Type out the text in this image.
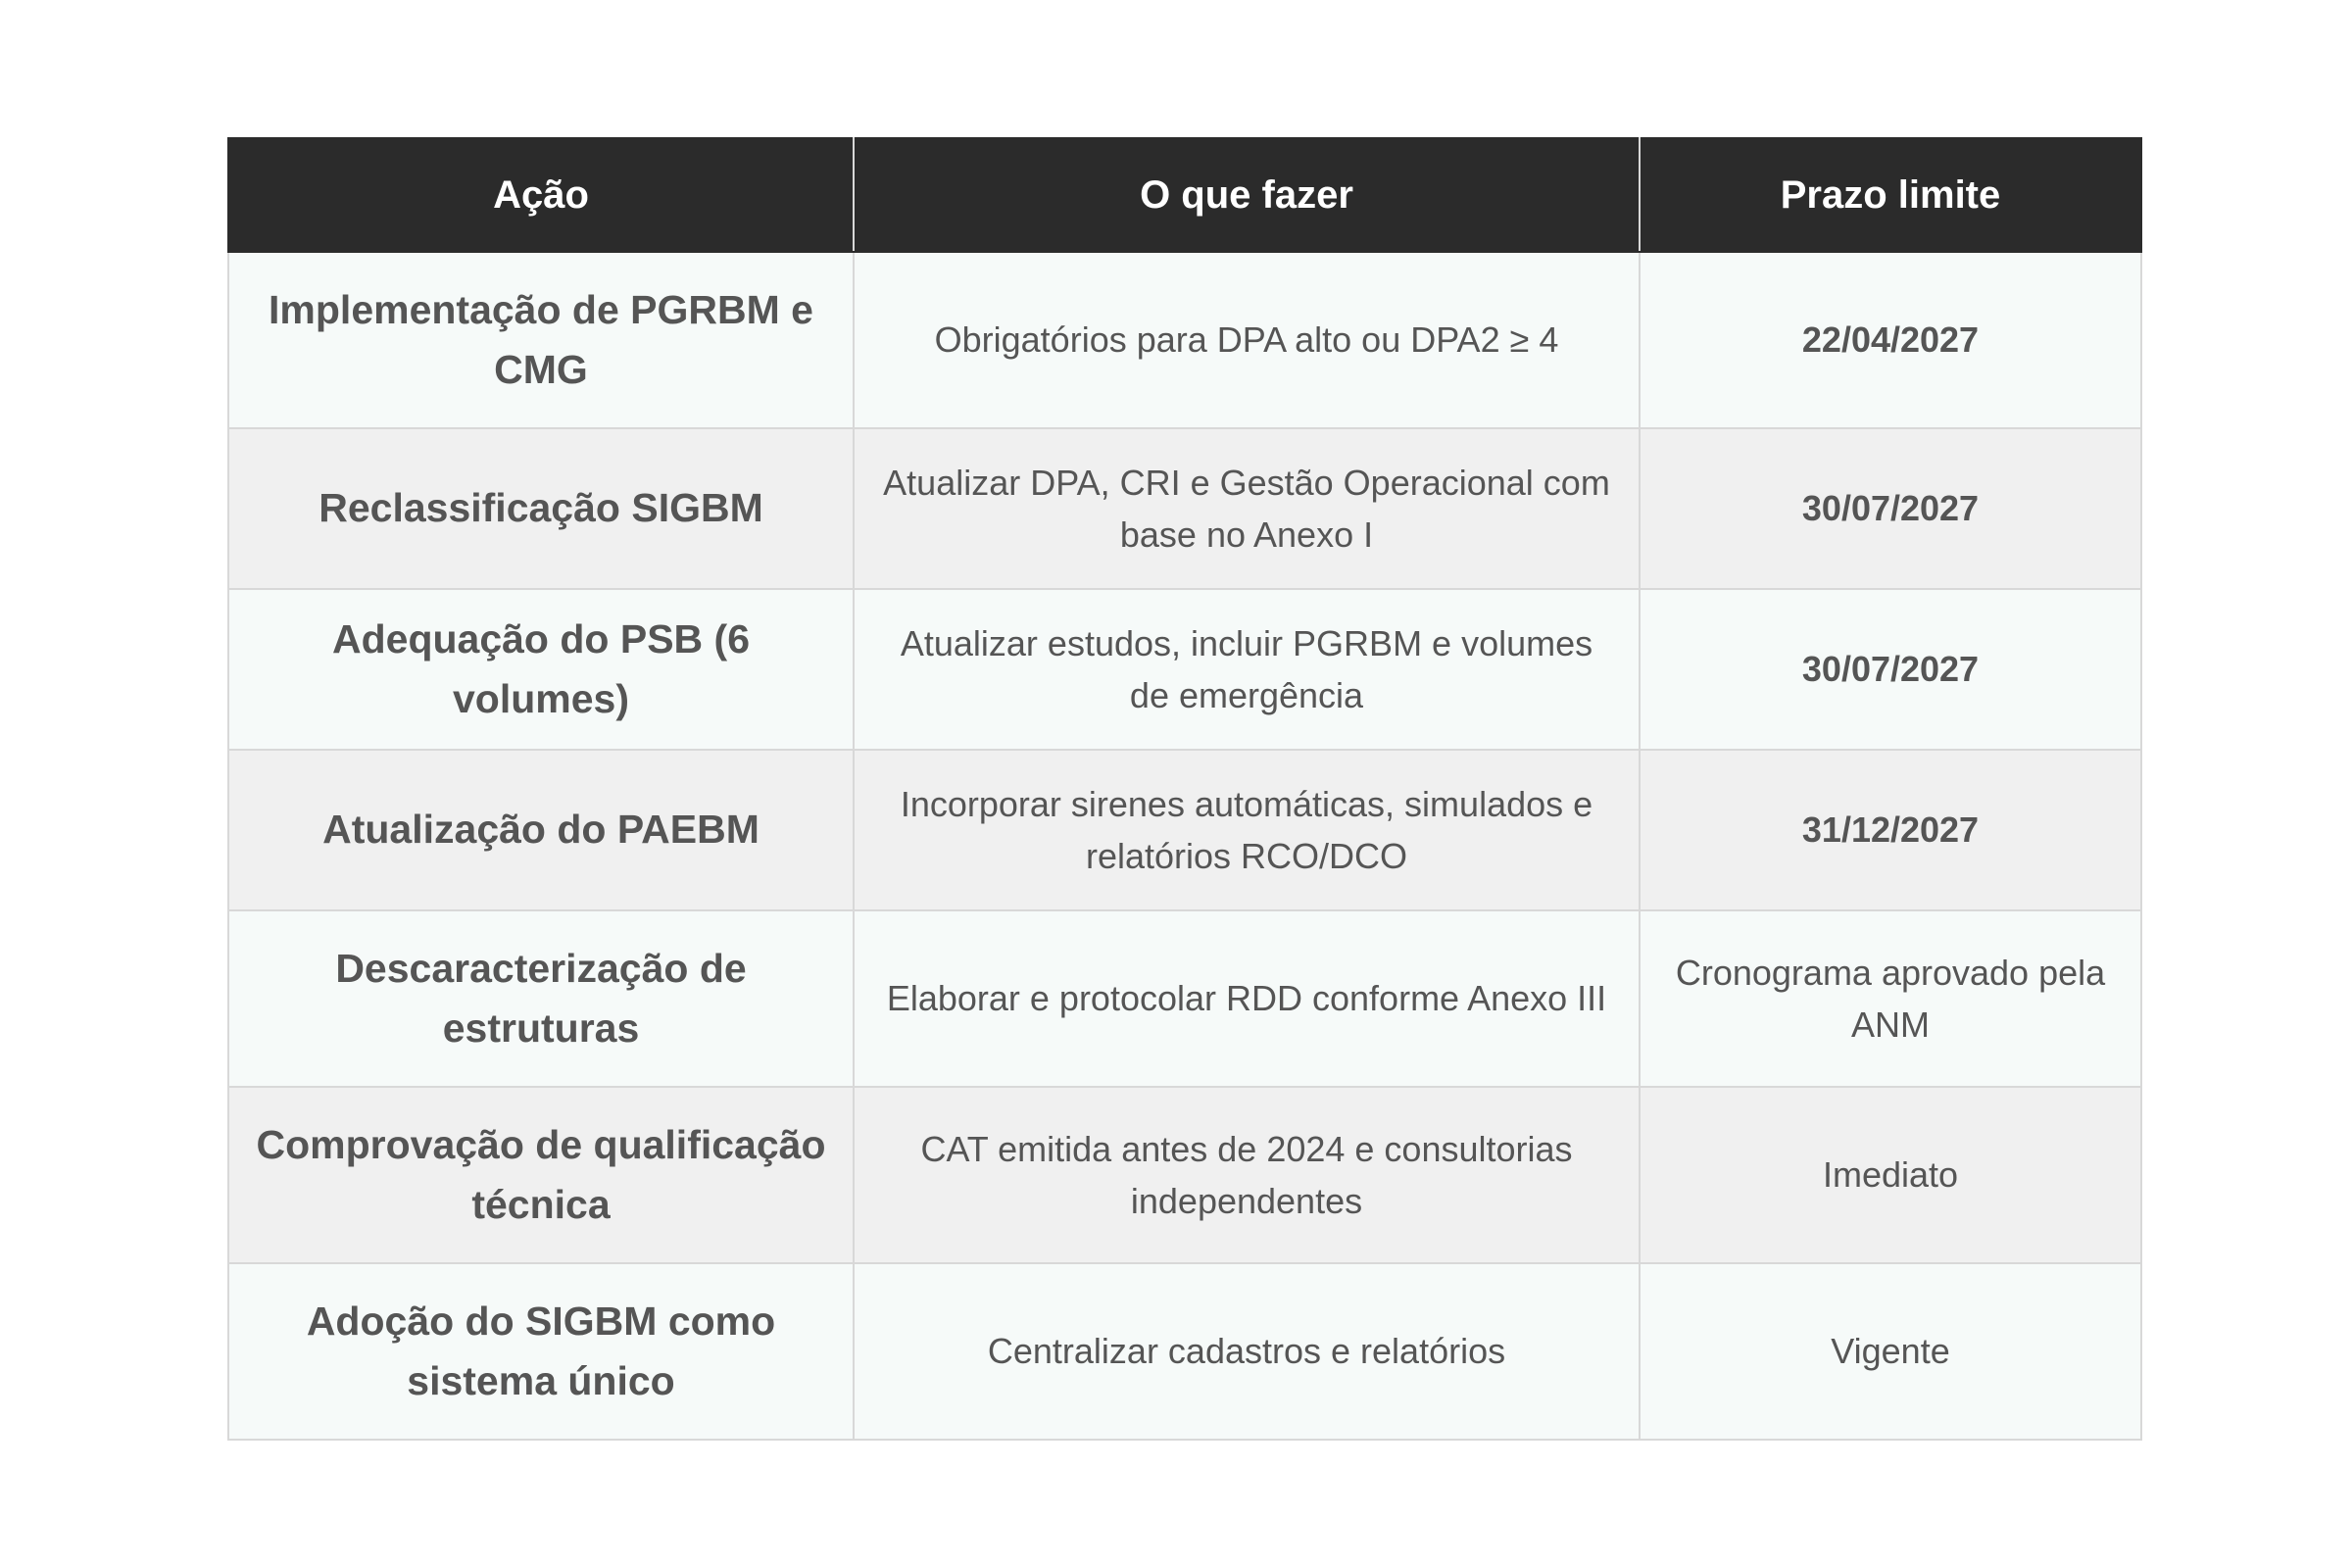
Ação	O que fazer	Prazo limite
Implementação de PGRBM e CMG	Obrigatórios para DPA alto ou DPA2 ≥ 4	22/04/2027
Reclassificação SIGBM	Atualizar DPA, CRI e Gestão Operacional com base no Anexo I	30/07/2027
Adequação do PSB (6 volumes)	Atualizar estudos, incluir PGRBM e volumes de emergência	30/07/2027
Atualização do PAEBM	Incorporar sirenes automáticas, simulados e relatórios RCO/DCO	31/12/2027
Descaracterização de estruturas	Elaborar e protocolar RDD conforme Anexo III	Cronograma aprovado pela ANM
Comprovação de qualificação técnica	CAT emitida antes de 2024 e consultorias independentes	Imediato
Adoção do SIGBM como sistema único	Centralizar cadastros e relatórios	Vigente
